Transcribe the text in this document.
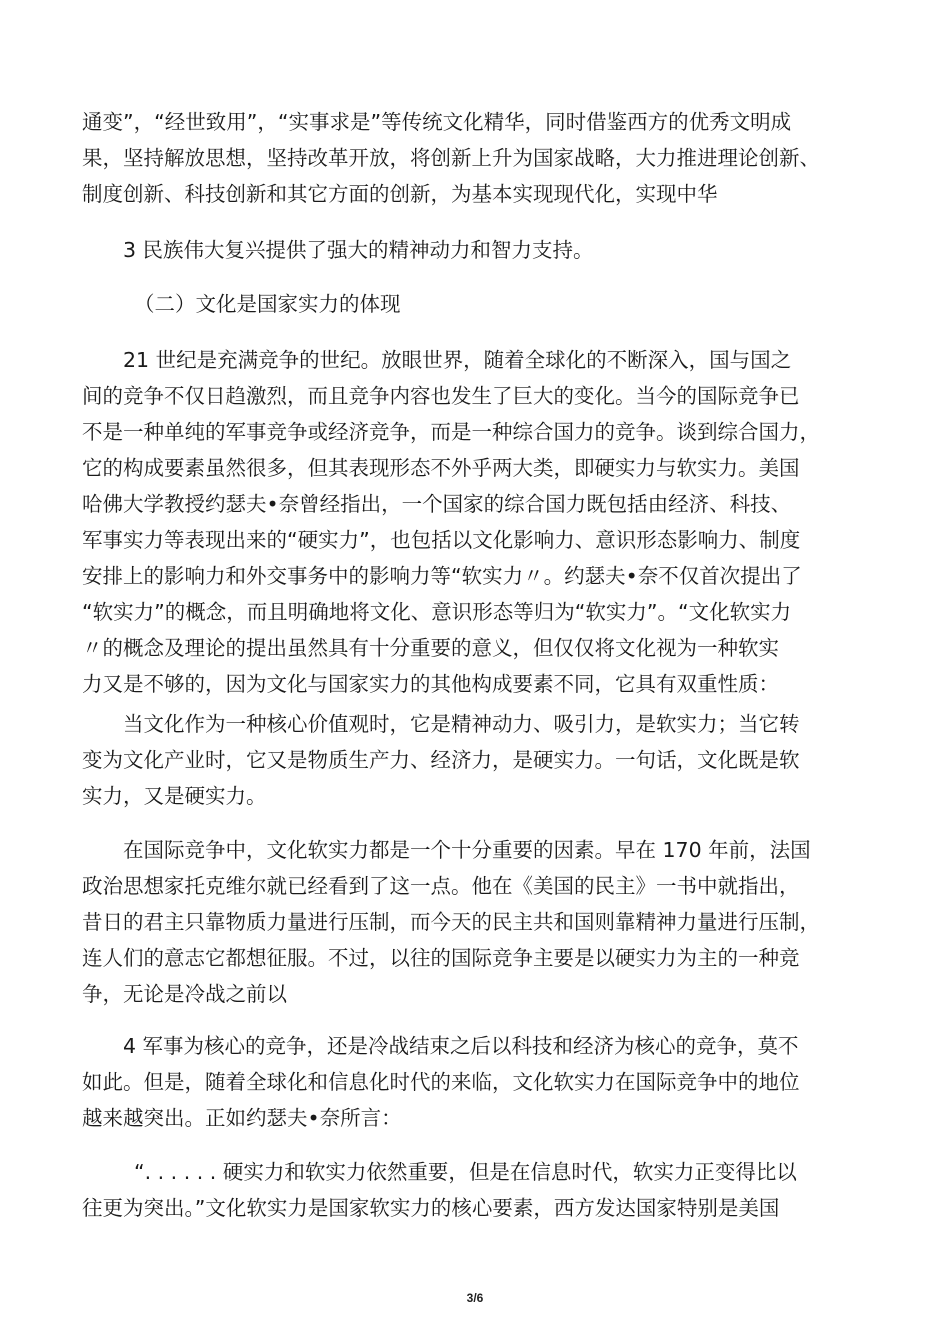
通变”，“经世致用”，“实事求是”等传统文化精华，同时借鉴西方的优秀文明成
果，坚持解放思想，坚持改革开放，将创新上升为国家战略，大力推进理论创新、
制度创新、科技创新和其它方面的创新，为基本实现现代化，实现中华

3 民族伟大复兴提供了强大的精神动力和智力支持。

（二）文化是国家实力的体现

21 世纪是充满竞争的世纪。放眼世界，随着全球化的不断深入，国与国之
间的竞争不仅日趋激烈，而且竞争内容也发生了巨大的变化。当今的国际竞争已
不是一种单纯的军事竞争或经济竞争，而是一种综合国力的竞争。谈到综合国力，
它的构成要素虽然很多，但其表现形态不外乎两大类，即硬实力与软实力。美国
哈佛大学教授约瑟夫•奈曾经指出，一个国家的综合国力既包括由经济、科技、
军事实力等表现出来的“硬实力”，也包括以文化影响力、意识形态影响力、制度
安排上的影响力和外交事务中的影响力等“软实力〃。约瑟夫•奈不仅首次提出了
“软实力”的概念，而且明确地将文化、意识形态等归为“软实力”。“文化软实力
〃的概念及理论的提出虽然具有十分重要的意义，但仅仅将文化视为一种软实
力又是不够的，因为文化与国家实力的其他构成要素不同，它具有双重性质：

当文化作为一种核心价值观时，它是精神动力、吸引力，是软实力；当它转
变为文化产业时，它又是物质生产力、经济力，是硬实力。一句话，文化既是软
实力，又是硬实力。

在国际竞争中，文化软实力都是一个十分重要的因素。早在 170 年前，法国
政治思想家托克维尔就已经看到了这一点。他在《美国的民主》一书中就指出，
昔日的君主只靠物质力量进行压制，而今天的民主共和国则靠精神力量进行压制，
连人们的意志它都想征服。不过，以往的国际竞争主要是以硬实力为主的一种竞
争，无论是冷战之前以

4 军事为核心的竞争，还是冷战结束之后以科技和经济为核心的竞争，莫不
如此。但是，随着全球化和信息化时代的来临，文化软实力在国际竞争中的地位
越来越突出。正如约瑟夫•奈所言：

“. . . . . . 硬实力和软实力依然重要，但是在信息时代，软实力正变得比以
往更为突出。”文化软实力是国家软实力的核心要素，西方发达国家特别是美国

3/6
